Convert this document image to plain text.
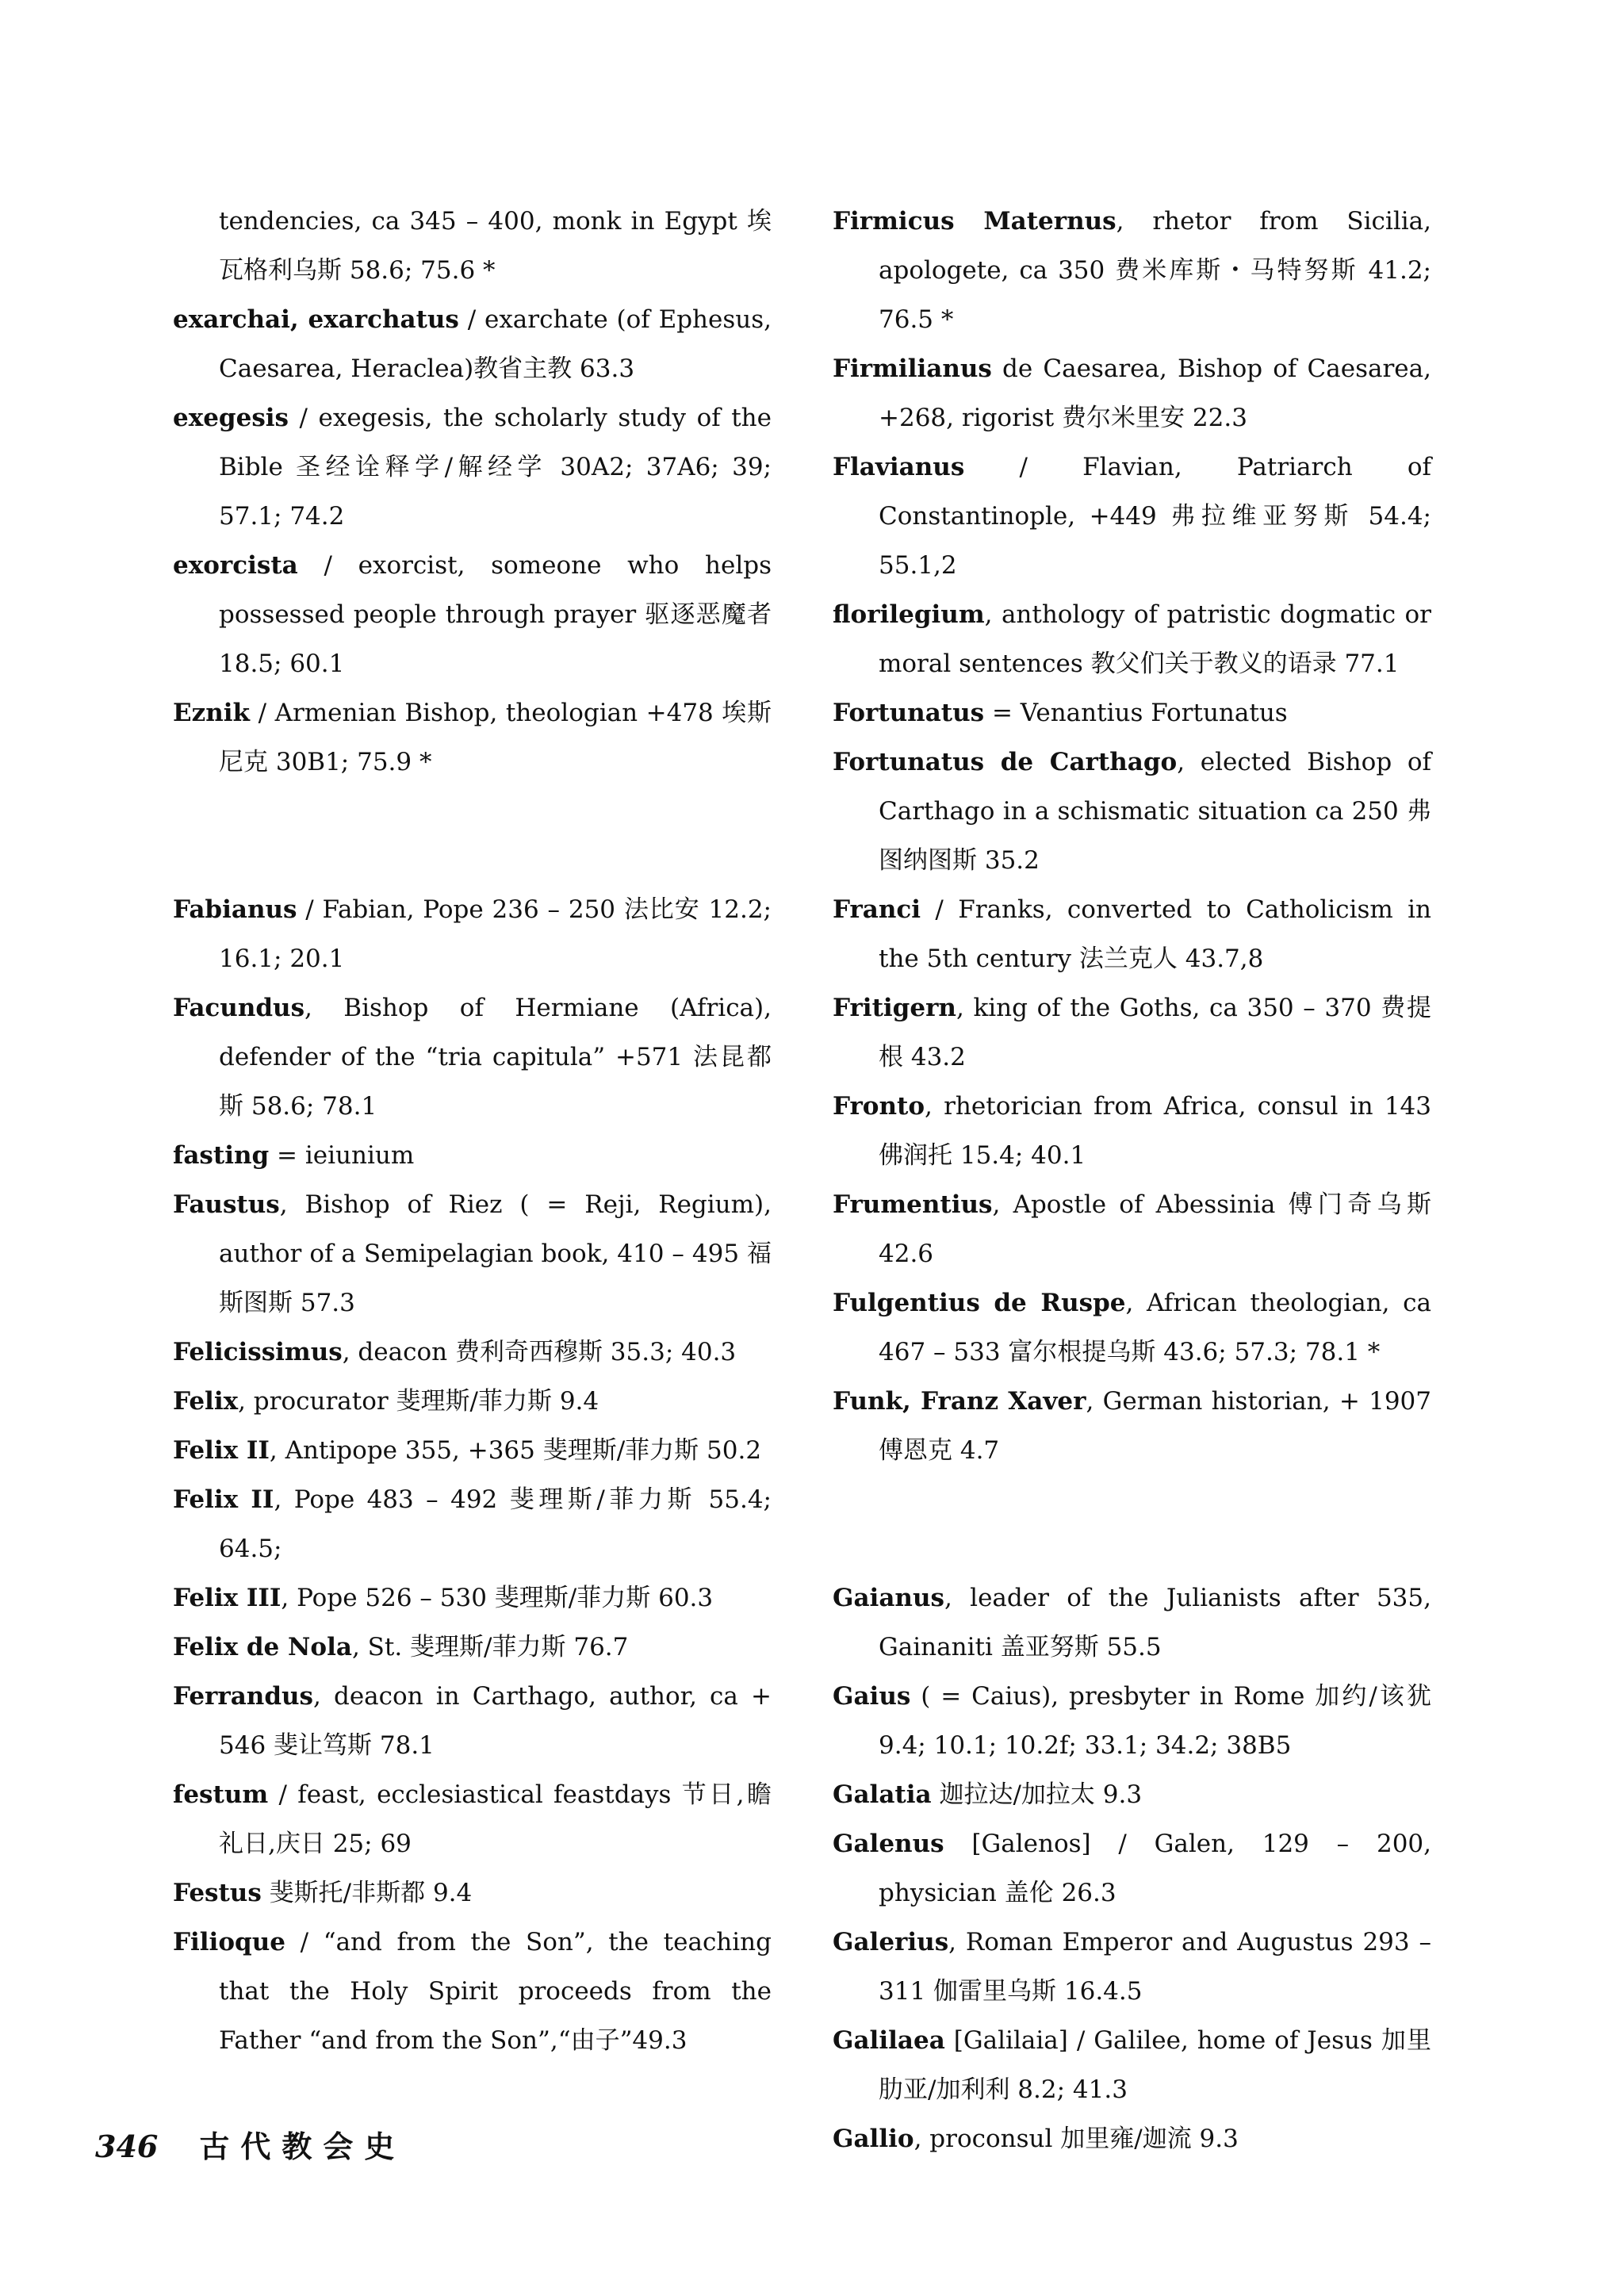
tendencies, ca 345 – 400, monk in Egypt 埃瓦格利乌斯 58.6; 75.6 *

exarchai, exarchatus / exarchate (of Ephesus, Caesarea, Heraclea)教省主教 63.3

exegesis / exegesis, the scholarly study of the Bible 圣经诠释学/解经学 30A2; 37A6; 39; 57.1; 74.2

exorcista / exorcist, someone who helps possessed people through prayer 驱逐恶魔者 18.5; 60.1

Eznik / Armenian Bishop, theologian +478 埃斯尼克 30B1; 75.9 *

Fabianus / Fabian, Pope 236 – 250 法比安 12.2; 16.1; 20.1

Facundus, Bishop of Hermiane (Africa), defender of the “tria capitula” +571 法昆都斯 58.6; 78.1

fasting = ieiunium

Faustus, Bishop of Riez ( = Reji, Regium), author of a Semipelagian book, 410 – 495 福斯图斯 57.3

Felicissimus, deacon 费利奇西穆斯 35.3; 40.3

Felix, procurator 斐理斯/菲力斯 9.4

Felix II, Antipope 355, +365 斐理斯/菲力斯 50.2

Felix II, Pope 483 – 492 斐理斯/菲力斯 55.4; 64.5;

Felix III, Pope 526 – 530 斐理斯/菲力斯 60.3

Felix de Nola, St. 斐理斯/菲力斯 76.7

Ferrandus, deacon in Carthago, author, ca + 546 斐让笃斯 78.1

festum / feast, ecclesiastical feastdays 节日,瞻礼日,庆日 25; 69

Festus 斐斯托/非斯都 9.4

Filioque / “and from the Son”, the teaching that the Holy Spirit proceeds from the Father “and from the Son”,“由子”49.3

Firmicus Maternus, rhetor from Sicilia, apologete, ca 350 费米库斯・马特努斯 41.2; 76.5 *

Firmilianus de Caesarea, Bishop of Caesarea, +268, rigorist 费尔米里安 22.3

Flavianus / Flavian, Patriarch of Constantinople, +449 弗拉维亚努斯 54.4; 55.1,2

florilegium, anthology of patristic dogmatic or moral sentences 教父们关于教义的语录 77.1

Fortunatus = Venantius Fortunatus

Fortunatus de Carthago, elected Bishop of Carthago in a schismatic situation ca 250 弗图纳图斯 35.2

Franci / Franks, converted to Catholicism in the 5th century 法兰克人 43.7,8

Fritigern, king of the Goths, ca 350 – 370 费提根 43.2

Fronto, rhetorician from Africa, consul in 143 佛润托 15.4; 40.1

Frumentius, Apostle of Abessinia 傅门奇乌斯 42.6

Fulgentius de Ruspe, African theologian, ca 467 – 533 富尔根提乌斯 43.6; 57.3; 78.1 *

Funk, Franz Xaver, German historian, + 1907 傅恩克 4.7

Gaianus, leader of the Julianists after 535, Gainaniti 盖亚努斯 55.5

Gaius ( = Caius), presbyter in Rome 加约/该犹 9.4; 10.1; 10.2f; 33.1; 34.2; 38B5

Galatia 迦拉达/加拉太 9.3

Galenus [Galenos] / Galen, 129 – 200, physician 盖伦 26.3

Galerius, Roman Emperor and Augustus 293 – 311 伽雷里乌斯 16.4.5

Galilaea [Galilaia] / Galilee, home of Jesus 加里肋亚/加利利 8.2; 41.3

Gallio, proconsul 加里雍/迦流 9.3

346 古代教会史
